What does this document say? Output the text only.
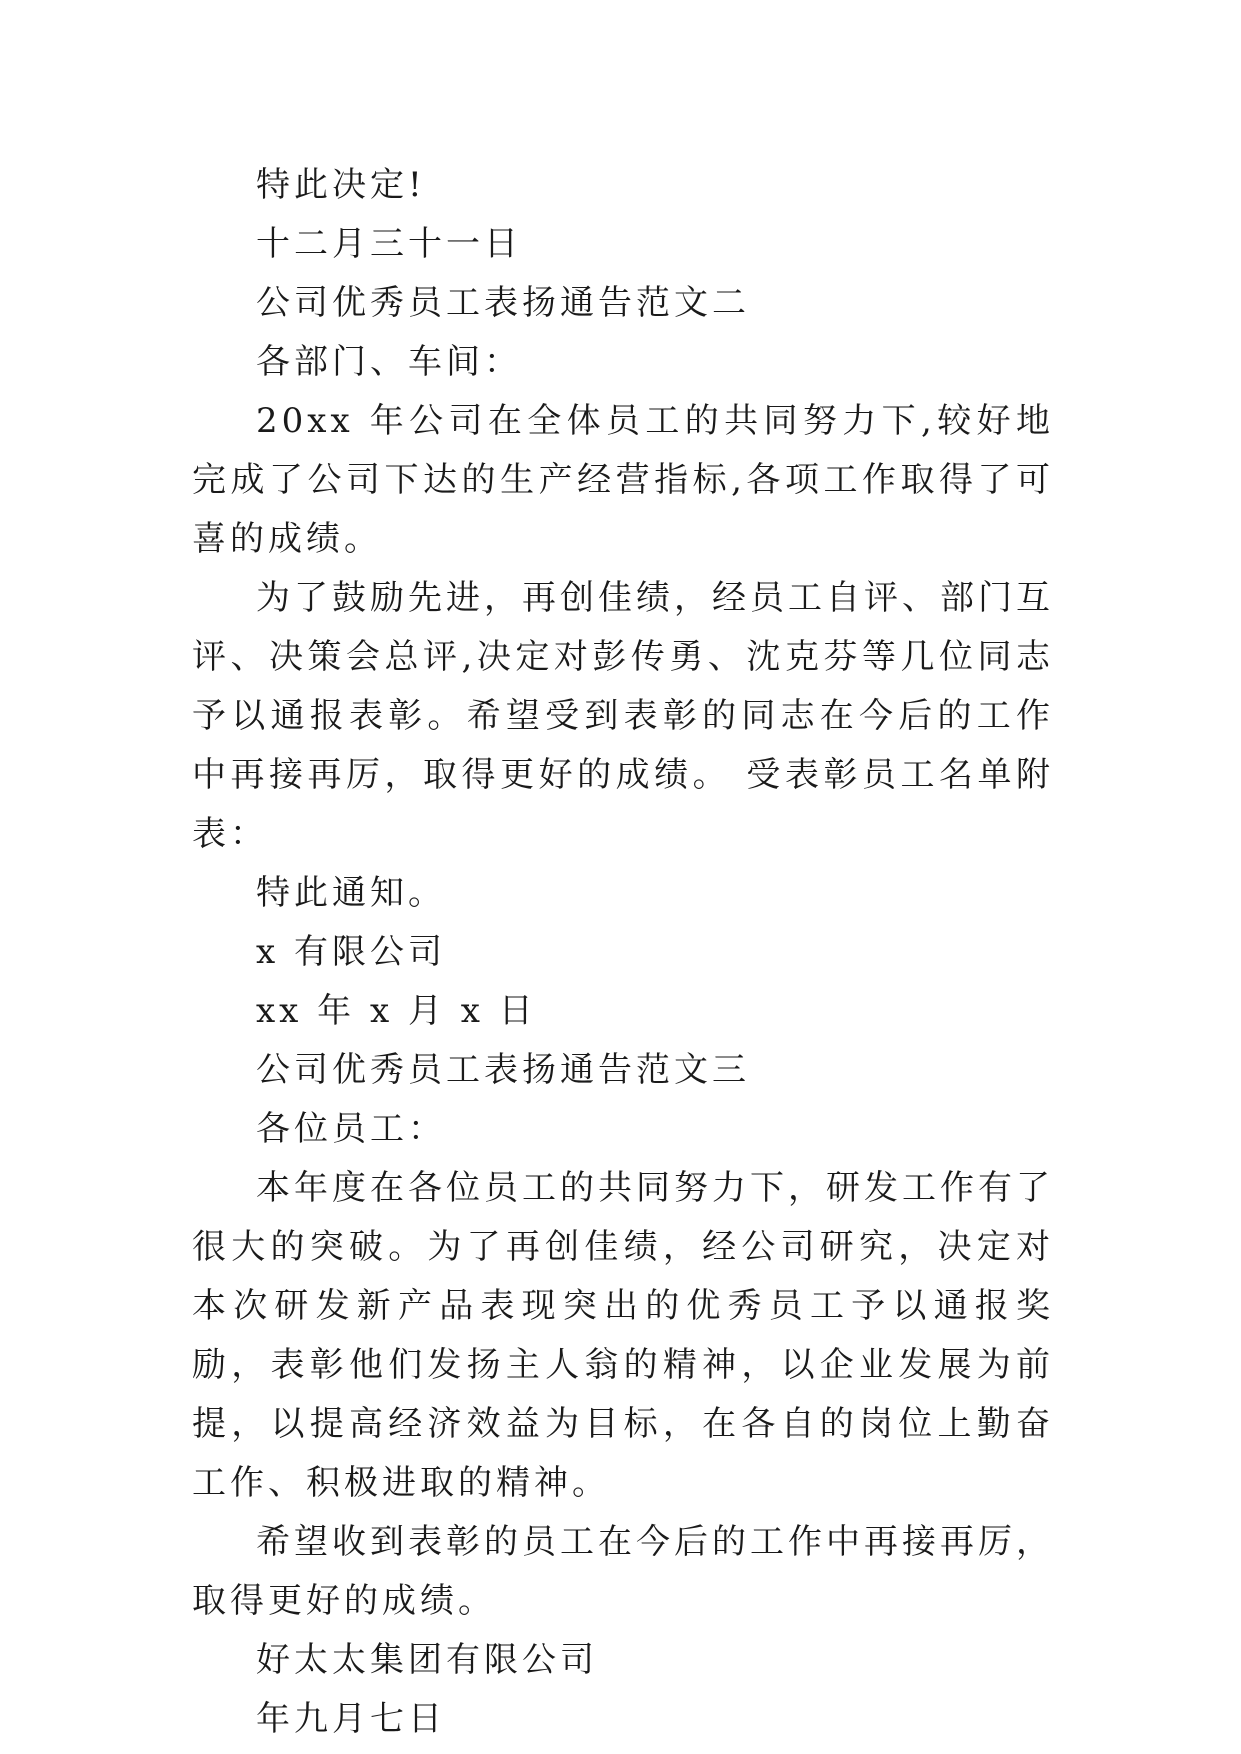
特此决定!
十二月三十一日
公司优秀员工表扬通告范文二
各部门、车间：
20xx 年公司在全体员工的共同努力下,较好地完成了公司下达的生产经营指标,各项工作取得了可喜的成绩。
为了鼓励先进，再创佳绩，经员工自评、部门互评、决策会总评,决定对彭传勇、沈克芬等几位同志予以通报表彰。希望受到表彰的同志在今后的工作中再接再厉，取得更好的成绩。 受表彰员工名单附表：
特此通知。
x 有限公司
xx 年 x 月 x 日
公司优秀员工表扬通告范文三
各位员工：
本年度在各位员工的共同努力下，研发工作有了很大的突破。为了再创佳绩，经公司研究，决定对本次研发新产品表现突出的优秀员工予以通报奖励，表彰他们发扬主人翁的精神，以企业发展为前提，以提高经济效益为目标，在各自的岗位上勤奋工作、积极进取的精神。
希望收到表彰的员工在今后的工作中再接再厉，取得更好的成绩。
好太太集团有限公司
年九月七日
